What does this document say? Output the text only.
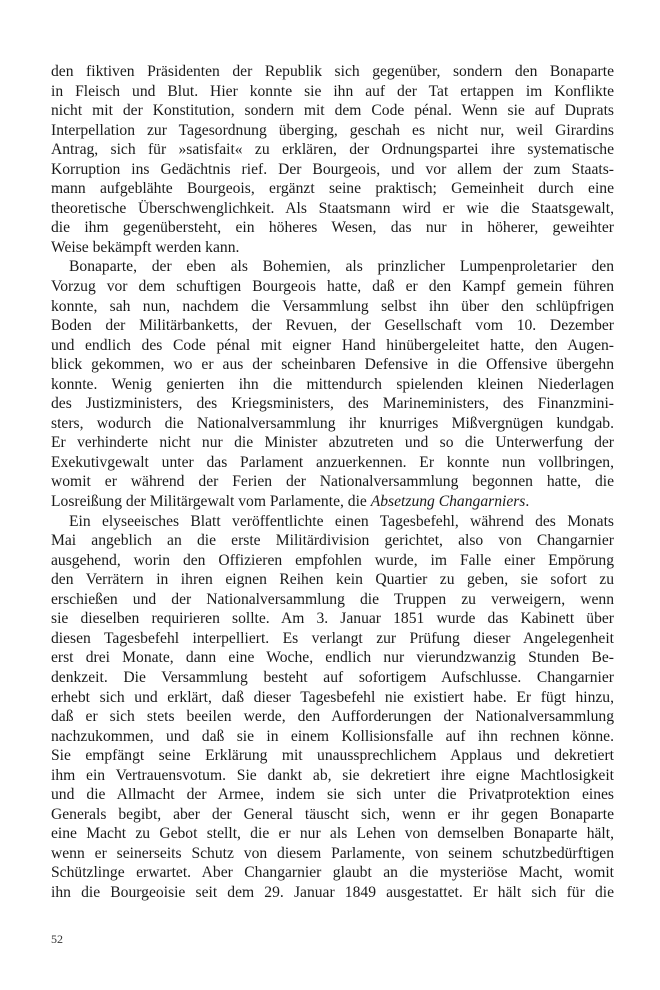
den fiktiven Präsidenten der Republik sich gegenüber, sondern den Bonaparte
in Fleisch und Blut. Hier konnte sie ihn auf der Tat ertappen im Konflikte
nicht mit der Konstitution, sondern mit dem Code pénal. Wenn sie auf Duprats
Interpellation zur Tagesordnung überging, geschah es nicht nur, weil Girardins
Antrag, sich für »satisfait« zu erklären, der Ordnungspartei ihre systematische
Korruption ins Gedächtnis rief. Der Bourgeois, und vor allem der zum Staats-
mann aufgeblähte Bourgeois, ergänzt seine praktisch; Gemeinheit durch eine
theoretische Überschwenglichkeit. Als Staatsmann wird er wie die Staatsgewalt,
die ihm gegenübersteht, ein höheres Wesen, das nur in höherer, geweihter
Weise bekämpft werden kann.
Bonaparte, der eben als Bohemien, als prinzlicher Lumpenproletarier den
Vorzug vor dem schuftigen Bourgeois hatte, daß er den Kampf gemein führen
konnte, sah nun, nachdem die Versammlung selbst ihn über den schlüpfrigen
Boden der Militärbanketts, der Revuen, der Gesellschaft vom 10. Dezember
und endlich des Code pénal mit eigner Hand hinübergeleitet hatte, den Augen-
blick gekommen, wo er aus der scheinbaren Defensive in die Offensive übergehn
konnte. Wenig genierten ihn die mittendurch spielenden kleinen Niederlagen
des Justizministers, des Kriegsministers, des Marineministers, des Finanzmini-
sters, wodurch die Nationalversammlung ihr knurriges Mißvergnügen kundgab.
Er verhinderte nicht nur die Minister abzutreten und so die Unterwerfung der
Exekutivgewalt unter das Parlament anzuerkennen. Er konnte nun vollbringen,
womit er während der Ferien der Nationalversammlung begonnen hatte, die
Losreißung der Militärgewalt vom Parlamente, die Absetzung Changarniers.
Ein elyseeisches Blatt veröffentlichte einen Tagesbefehl, während des Monats
Mai angeblich an die erste Militärdivision gerichtet, also von Changarnier
ausgehend, worin den Offizieren empfohlen wurde, im Falle einer Empörung
den Verrätern in ihren eignen Reihen kein Quartier zu geben, sie sofort zu
erschießen und der Nationalversammlung die Truppen zu verweigern, wenn
sie dieselben requirieren sollte. Am 3. Januar 1851 wurde das Kabinett über
diesen Tagesbefehl interpelliert. Es verlangt zur Prüfung dieser Angelegenheit
erst drei Monate, dann eine Woche, endlich nur vierundzwanzig Stunden Be-
denkzeit. Die Versammlung besteht auf sofortigem Aufschlusse. Changarnier
erhebt sich und erklärt, daß dieser Tagesbefehl nie existiert habe. Er fügt hinzu,
daß er sich stets beeilen werde, den Aufforderungen der Nationalversammlung
nachzukommen, und daß sie in einem Kollisionsfalle auf ihn rechnen könne.
Sie empfängt seine Erklärung mit unaussprechlichem Applaus und dekretiert
ihm ein Vertrauensvotum. Sie dankt ab, sie dekretiert ihre eigne Machtlosigkeit
und die Allmacht der Armee, indem sie sich unter die Privatprotektion eines
Generals begibt, aber der General täuscht sich, wenn er ihr gegen Bonaparte
eine Macht zu Gebot stellt, die er nur als Lehen von demselben Bonaparte hält,
wenn er seinerseits Schutz von diesem Parlamente, von seinem schutzbedürftigen
Schützlinge erwartet. Aber Changarnier glaubt an die mysteriöse Macht, womit
ihn die Bourgeoisie seit dem 29. Januar 1849 ausgestattet. Er hält sich für die
52
